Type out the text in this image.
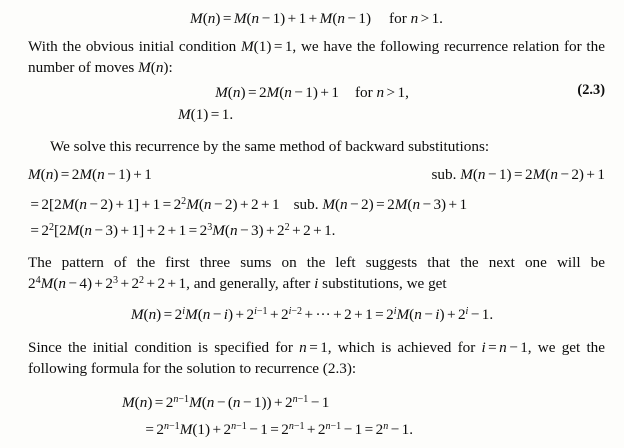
M(n) = M(n − 1) + 1 + M(n − 1) for n > 1.

With the obvious initial condition M(1) = 1, we have the following recurrence relation for the number of moves M(n):

M(n) = 2M(n − 1) + 1 for n > 1,	(2.3)
M(1) = 1.

We solve this recurrence by the same method of backward substitutions:

M(n) = 2M(n − 1) + 1	sub. M(n − 1) = 2M(n − 2) + 1
= $2[2M(n - 2) + 1] + 1 = 2^2M(n - 2) + 2 + 1$ sub. M(n − 2) = 2M(n − 3) + 1
= $2^2[2M(n - 3) + 1] + 2 + 1 = 2^3M(n - 3) + 2^2 + 2 + 1$.

The pattern of the first three sums on the left suggests that the next one will be $2^4M(n - 4) + 2^3 + 2^2 + 2 + 1$, and generally, after i substitutions, we get

$M(n) = 2^iM(n - i) + 2^{i-1} + 2^{i-2}$ + ··· + $2 + 1 = 2^iM(n - i) + 2^i - 1$.

Since the initial condition is specified for n = 1, which is achieved for i = n − 1, we get the following formula for the solution to recurrence (2.3):

$M(n) = 2^{n-1}M(n - (n - 1)) + 2^{n-1} - 1$
= $2^{n-1}M(1) + 2^{n-1} - 1 = 2^{n-1} + 2^{n-1} - 1 = 2^n - 1$.
